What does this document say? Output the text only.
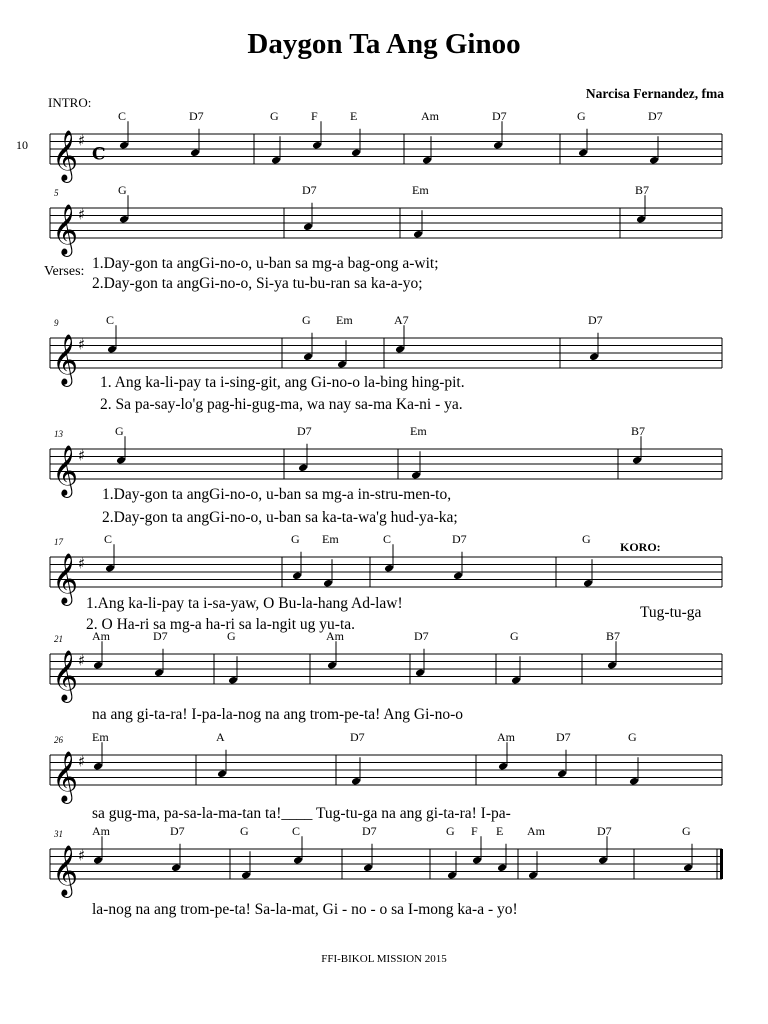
Daygon Ta Ang Ginoo
Narcisa Fernandez, fma
INTRO:
10
Verses:
KORO:
𝄞 ♯
C
C	D7	G	F	E	Am	D7	G	D7
𝄞 ♯
5	G	D7	Em	B7
𝄞 ♯
9	C	G Em	A7	D7
𝄞 ♯
13	G	D7	Em	B7
𝄞 ♯
17	C	G Em	C	D7	G
𝄞 ♯
21 Am	D7	G	Am	D7	G	B7
𝄞 ♯
26 Em	A	D7	Am	D7	G
𝄞 ♯
31 Am	D7	G	C	D7	G F E Am	D7	G
1.Day-gon ta angGi-no-o, u-ban sa mg-a bag-ong a-wit;
2.Day-gon ta angGi-no-o, Si-ya tu-bu-ran sa ka-a-yo;
1. Ang ka-li-pay ta i-sing-git, ang Gi-no-o la-bing hing-pit.
2. Sa pa-say-lo'g pag-hi-gug-ma, wa nay sa-ma Ka-ni - ya.
1.Day-gon ta angGi-no-o, u-ban sa mg-a in-stru-men-to,
2.Day-gon ta angGi-no-o, u-ban sa ka-ta-wa'g hud-ya-ka;
1.Ang ka-li-pay ta i-sa-yaw, O Bu-la-hang Ad-law!
2. O Ha-ri sa mg-a ha-ri sa la-ngit ug yu-ta.
Tug-tu-ga
na ang gi-ta-ra! I-pa-la-nog na ang trom-pe-ta! Ang Gi-no-o
sa gug-ma, pa-sa-la-ma-tan ta!____ Tug-tu-ga na ang gi-ta-ra! I-pa-
la-nog na ang trom-pe-ta! Sa-la-mat, Gi - no - o sa I-mong ka-a - yo!
FFI-BIKOL MISSION 2015
